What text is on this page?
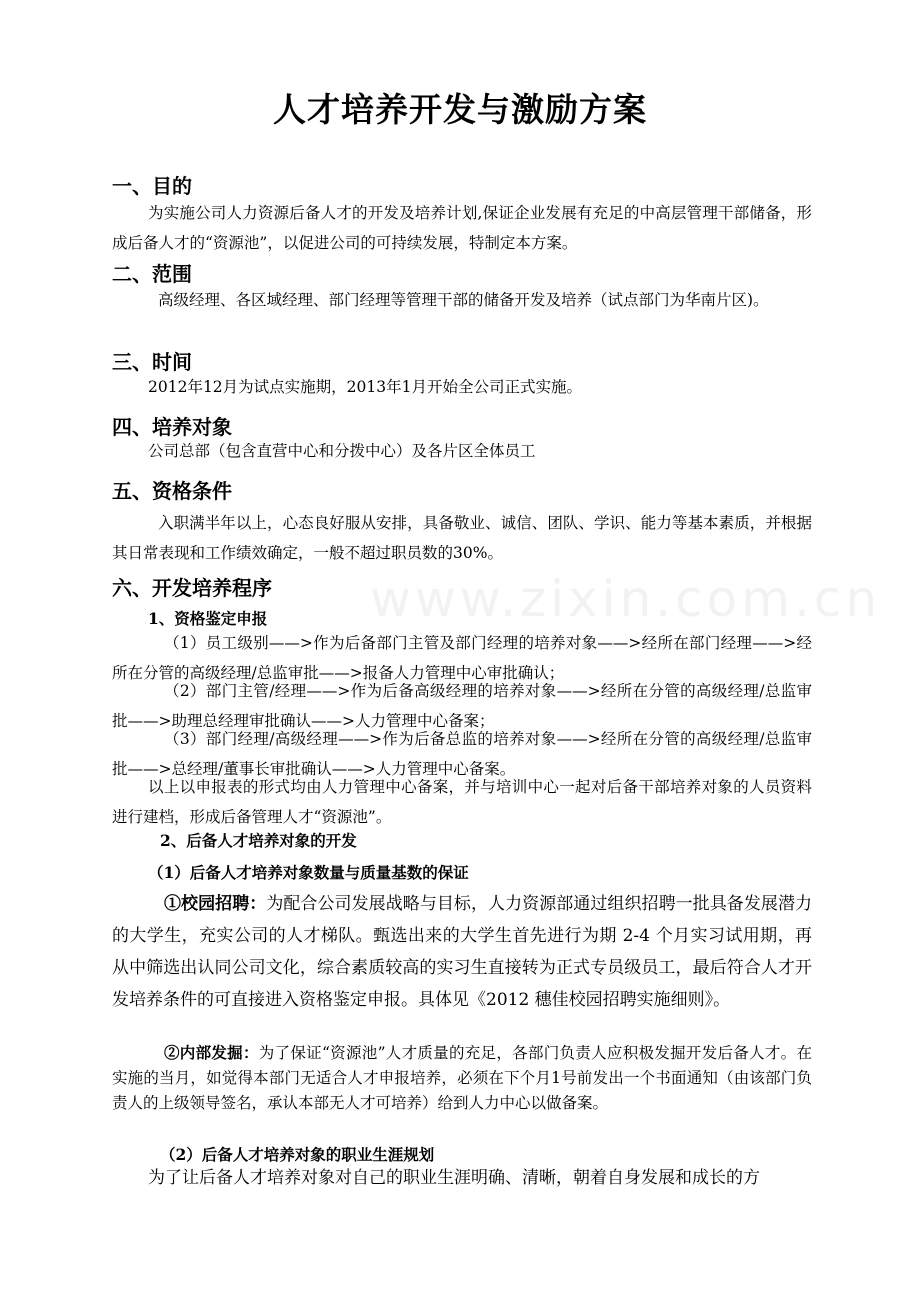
www.zixin.com.cn
人才培养开发与激励方案
一、目的

为实施公司人力资源后备人才的开发及培养计划,保证企业发展有充足的中高层管理干部储备，形成后备人才的“资源池”，以促进公司的可持续发展，特制定本方案。

二、范围

高级经理、各区域经理、部门经理等管理干部的储备开发及培养（试点部门为华南片区)。

三、时间

2012年12月为试点实施期，2013年1月开始全公司正式实施。

四、培养对象

公司总部（包含直营中心和分拨中心）及各片区全体员工

五、资格条件

入职满半年以上，心态良好服从安排，具备敬业、诚信、团队、学识、能力等基本素质，并根据其日常表现和工作绩效确定，一般不超过职员数的30%。

六、开发培养程序
1、资格鉴定申报

（1）员工级别——>作为后备部门主管及部门经理的培养对象——>经所在部门经理——>经所在分管的高级经理/总监审批——>报备人力管理中心审批确认；

（2）部门主管/经理——>作为后备高级经理的培养对象——>经所在分管的高级经理/总监审批——>助理总经理审批确认——>人力管理中心备案；

（3）部门经理/高级经理——>作为后备总监的培养对象——>经所在分管的高级经理/总监审批——>总经理/董事长审批确认——>人力管理中心备案。

以上以申报表的形式均由人力管理中心备案，并与培训中心一起对后备干部培养对象的人员资料进行建档，形成后备管理人才“资源池”。

2、后备人才培养对象的开发
（1）后备人才培养对象数量与质量基数的保证

①校园招聘：为配合公司发展战略与目标，人力资源部通过组织招聘一批具备发展潜力的大学生，充实公司的人才梯队。甄选出来的大学生首先进行为期 2-4 个月实习试用期，再从中筛选出认同公司文化，综合素质较高的实习生直接转为正式专员级员工，最后符合人才开发培养条件的可直接进入资格鉴定申报。具体见《2012 穗佳校园招聘实施细则》。

②内部发掘：为了保证“资源池”人才质量的充足，各部门负责人应积极发掘开发后备人才。在实施的当月，如觉得本部门无适合人才申报培养，必须在下个月1号前发出一个书面通知（由该部门负责人的上级领导签名，承认本部无人才可培养）给到人力中心以做备案。

（2）后备人才培养对象的职业生涯规划

为了让后备人才培养对象对自己的职业生涯明确、清晰，朝着自身发展和成长的方
